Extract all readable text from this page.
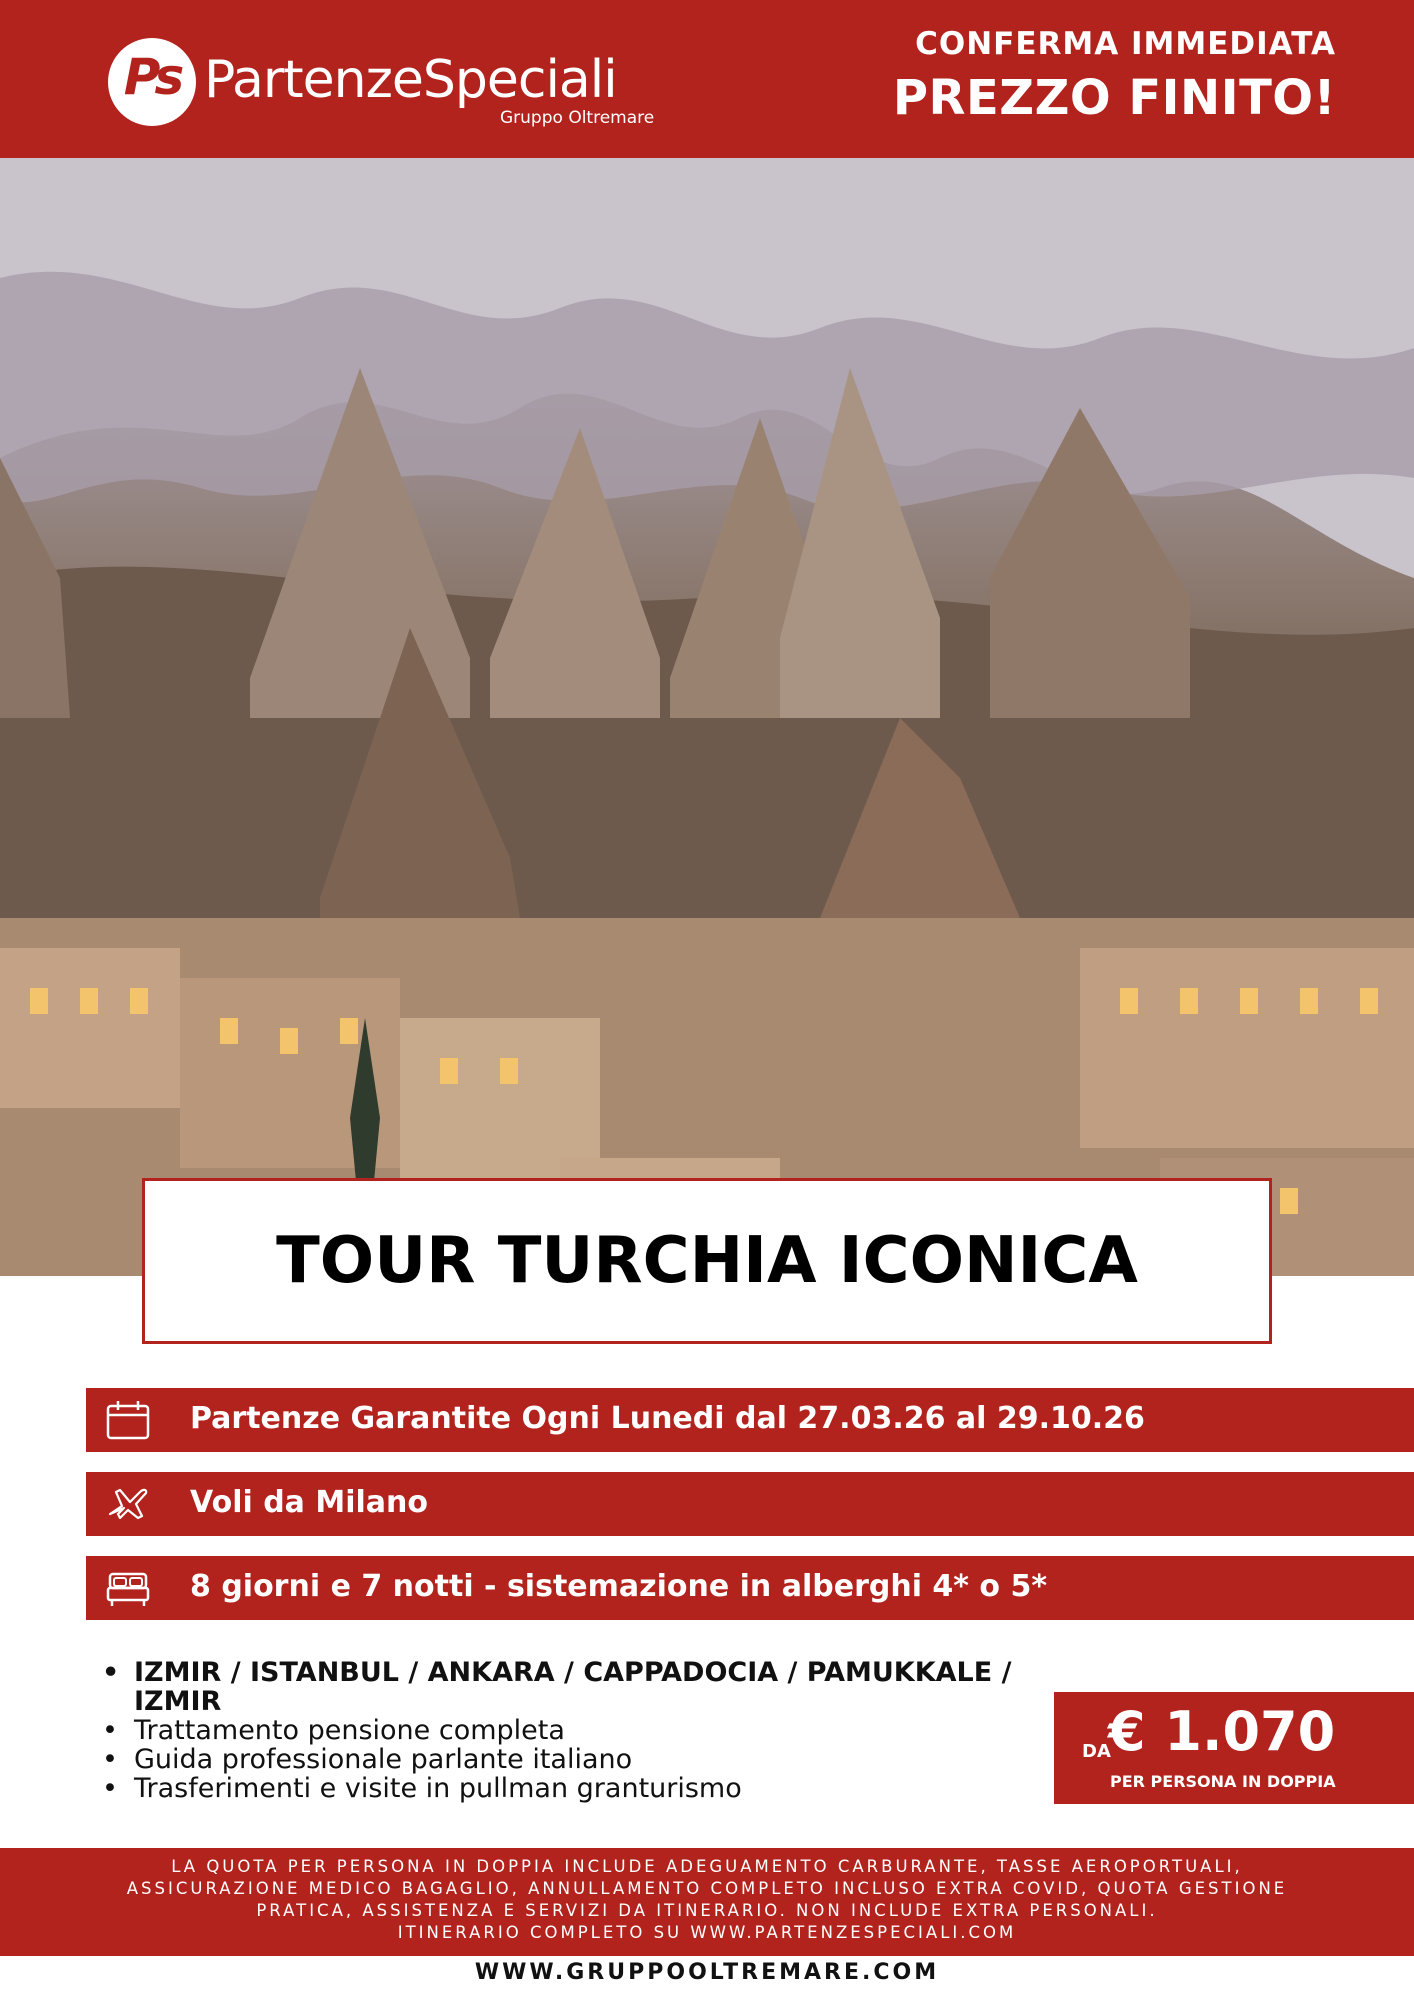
Ps PartenzeSpeciali
Gruppo Oltremare
CONFERMA IMMEDIATA
PREZZO FINITO!
TOUR TURCHIA ICONICA
Partenze Garantite Ogni Lunedi dal 27.03.26 al 29.10.26
Voli da Milano
8 giorni e 7 notti - sistemazione in alberghi 4* o 5*
• IZMIR / ISTANBUL / ANKARA / CAPPADOCIA / PAMUKKALE / IZMIR
• Trattamento pensione completa
• Guida professionale parlante italiano
• Trasferimenti e visite in pullman granturismo
DA
€ 1.070
PER PERSONA IN DOPPIA
LA QUOTA PER PERSONA IN DOPPIA INCLUDE ADEGUAMENTO CARBURANTE, TASSE AEROPORTUALI,
ASSICURAZIONE MEDICO BAGAGLIO, ANNULLAMENTO COMPLETO INCLUSO EXTRA COVID, QUOTA GESTIONE
PRATICA, ASSISTENZA E SERVIZI DA ITINERARIO. NON INCLUDE EXTRA PERSONALI.
ITINERARIO COMPLETO SU WWW.PARTENZESPECIALI.COM
WWW.GRUPPOOLTREMARE.COM
